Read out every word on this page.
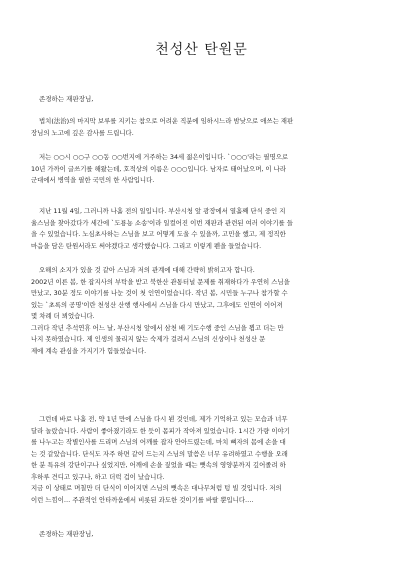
천성산 탄원문
존경하는 재판장님,
법치(法治)의 마지막 보루를 지키는 참으로 어려운 직분에 임하시느라 밤낮으로 애쓰는 재판
장님의 노고에 깊은 감사를 드립니다.
저는 ○○시 ○○구 ○○동 ○○번지에 거주하는 34세 젊은이입니다. `○○○'라는 필명으로
10년 가까이 글쓰기를 해왔는데, 호적상의 이름은 ○○○입니다. 남자로 태어났으며, 이 나라
군대에서 병역을 필한 국민의 한 사람입니다.
지난 11월 4일, 그러니까 나흘 전의 일입니다. 부산시청 앞 광장에서 열흘째 단식 중인 지
율스님을 찾아갔다가 세간에 `도룡뇽 소송'이라 일컬어진 이번 재판과 관련된 여러 이야기를 들
을 수 있었습니다. 노심초사하는 스님을 보고 어떻게 도울 수 있을까, 고민을 했고, 제 정직한
마음을 담은 탄원서라도 써야겠다고 생각했습니다. 그리고 이렇게 펜을 들었습니다.
오해의 소지가 있을 것 같아 스님과 저의 관계에 대해 간략히 밝히고자 합니다.
2002년 이른 봄, 한 잡지사의 부탁을 받고 북한산 관통터널 문제를 취재하다가 우연히 스님을
만났고, 30분 정도 이야기를 나눈 것이 첫 인연이었습니다. 작년 봄, 시민들 누구나 참가할 수
있는 `초록의 공명'이란 천성산 산행 행사에서 스님을 다시 만났고, 그후에도 인연이 이어져
몇 차례 더 뵈었습니다.
그러다 작년 추석연휴 어느 날, 부산시청 앞에서 삼천 배 기도수행 중인 스님을 뵙고 더는 만
나지 못하였습니다. 제 인생의 물리지 않는 숙제가 걸려서 스님의 신상이나 천성산 문
제에 계속 관심을 가지기가 힘들었습니다.
그런데 바로 나흘 전, 약 1년 만에 스님을 다시 뵌 것인데, 제가 기억하고 있는 모습과 너무
달라 놀랐습니다. 사람이 좋아졌기라도 한 듯이 몸피가 작아져 있었습니다. 1시간 가량 이야기
를 나누고는 작별인사를 드리며 스님의 어깨를 잡자 안아드렸는데, 마치 뼈자의 몸에 손을 대
는 것 같았습니다. 단식도 자주 하면 같이 드는지 스님의 말씀은 너무 유려하였고 수행을 오래
한 분 특유의 강단이구나 싶었지만, 어깨에 손을 짚었을 때는 뼛속의 영양분까지 깊어졸려 하
후하루 견디고 있구나, 하고 더럭 겁이 났습니다.
지금 이 상태로 며칠만 더 단식이 이어지면 스님의 뼛속은 대나무처럼 텅 빌 것입니다. 저의
이런 느낌이… 주관적인 안타까움에서 비롯된 과도한 것이기를 바랄 뿐입니다….
존경하는 재판장님,
